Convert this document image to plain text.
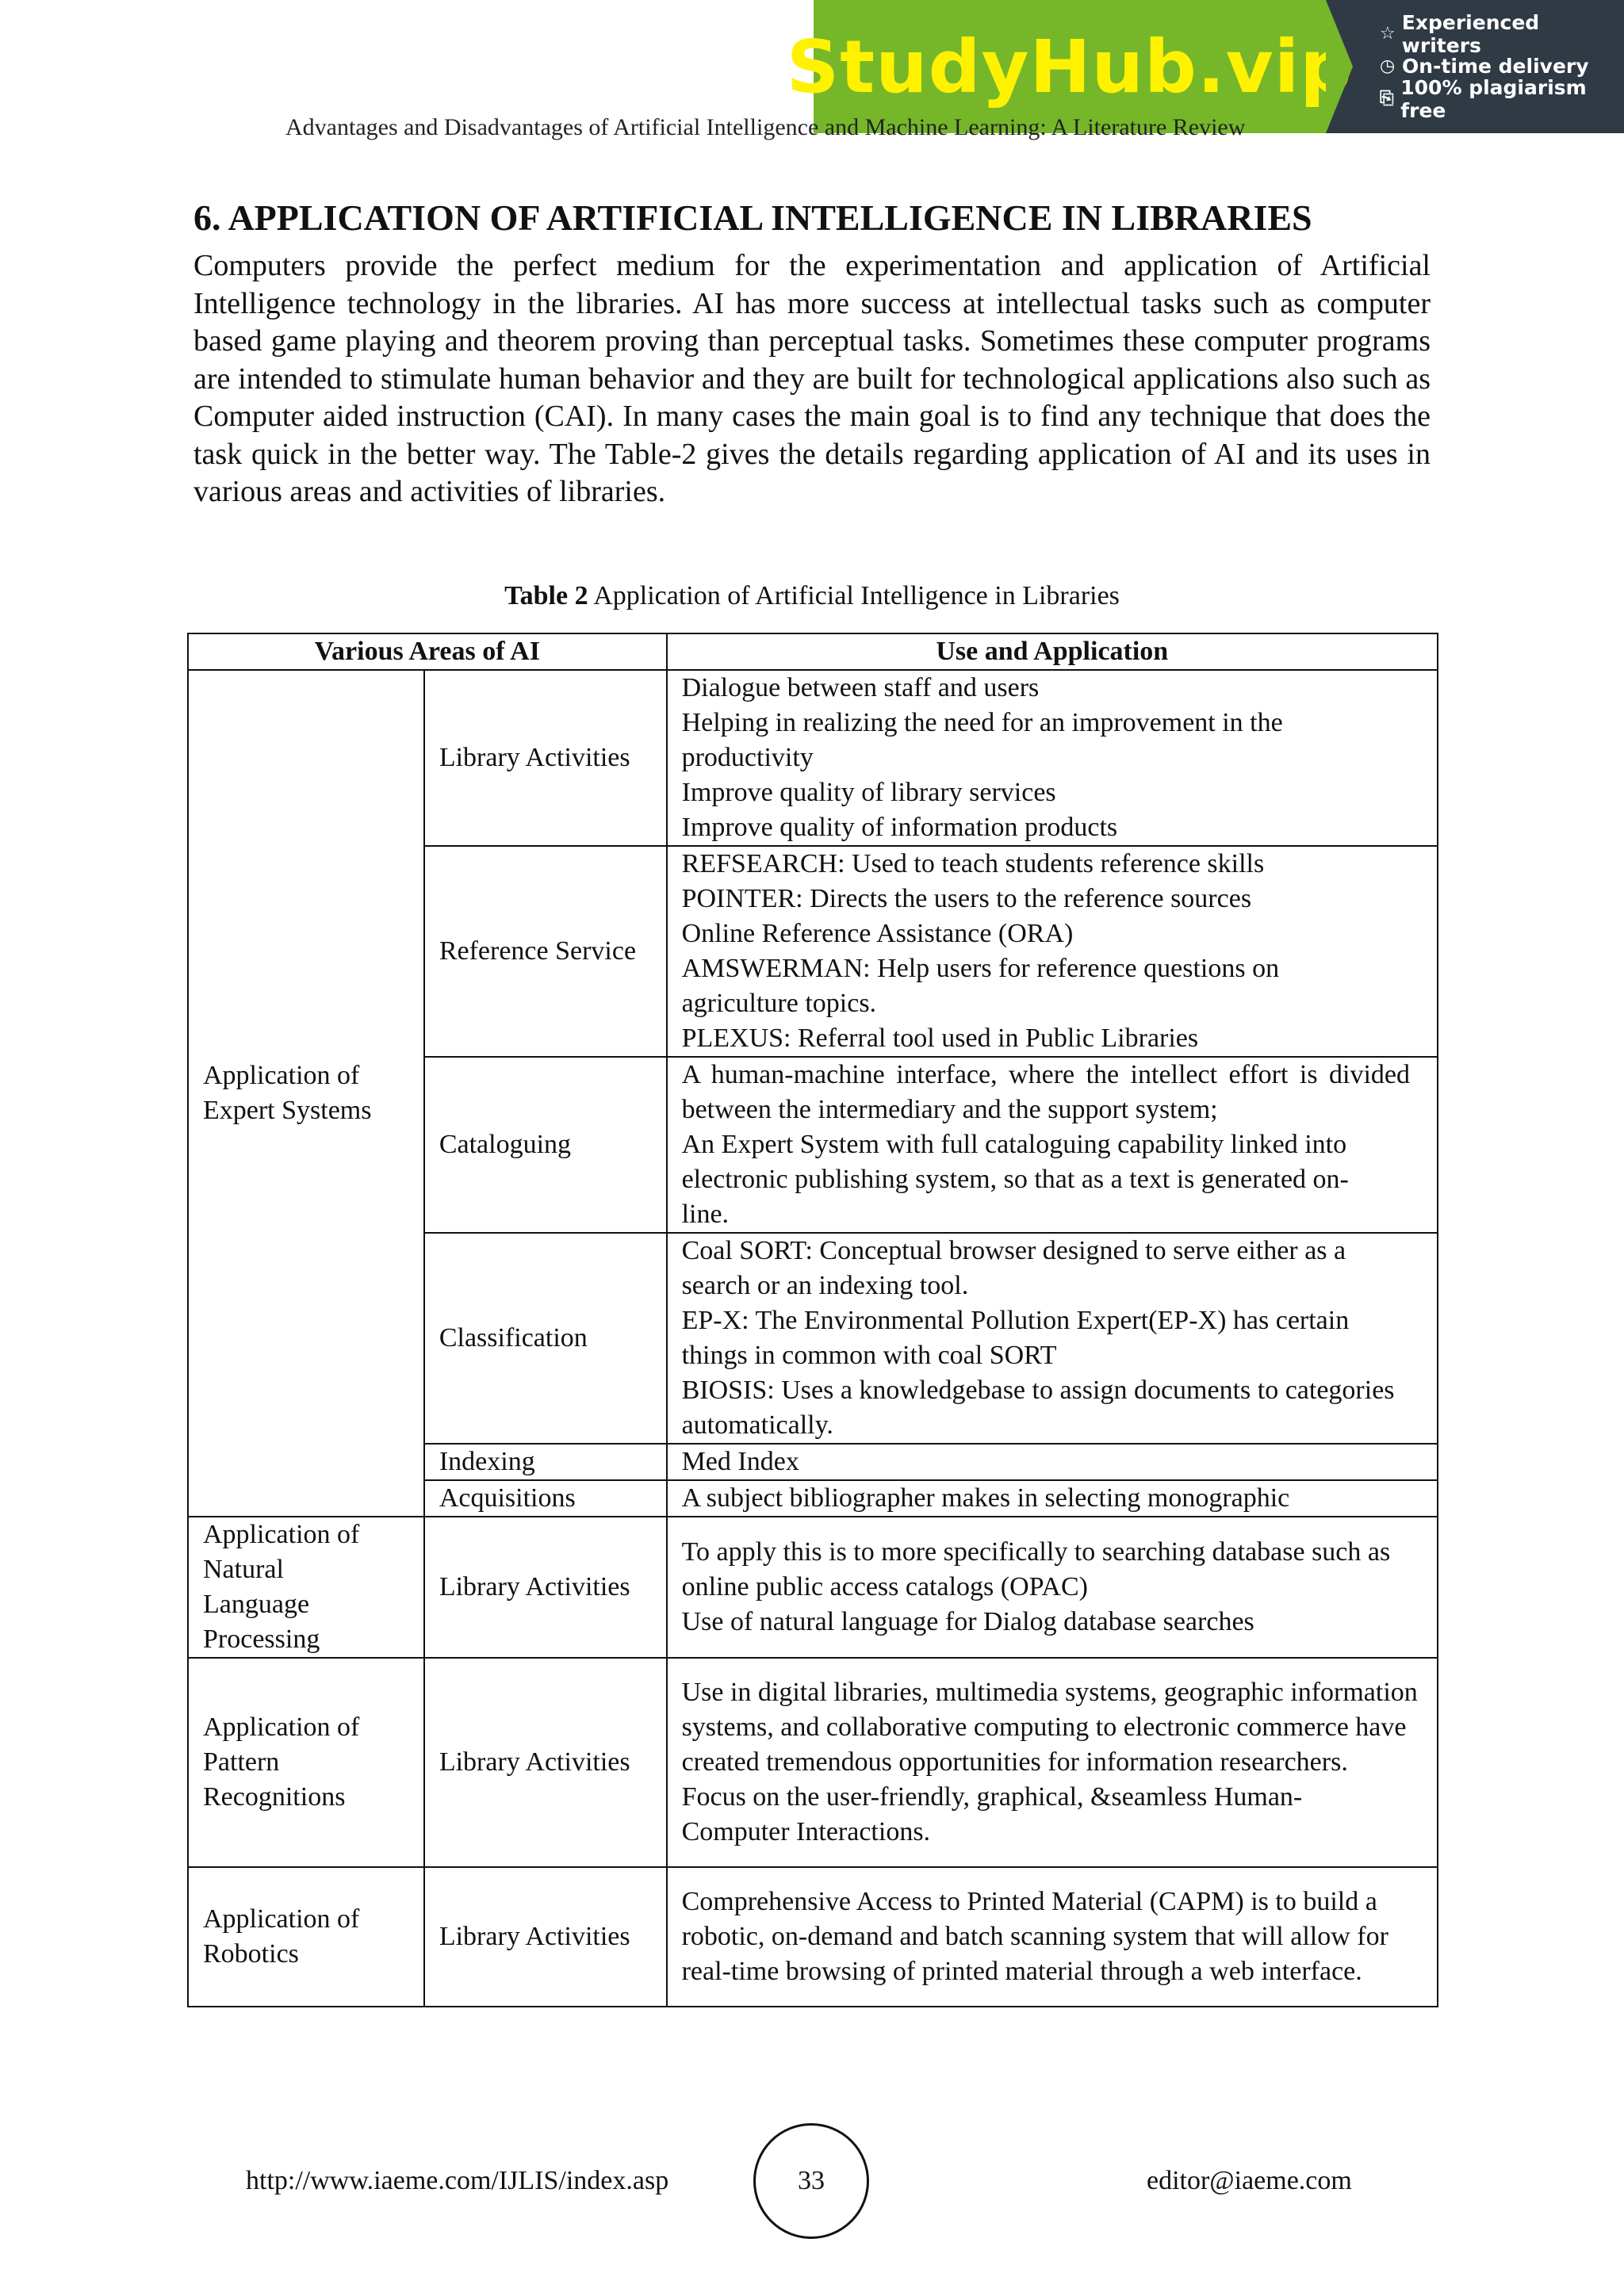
StudyHub.vip ☆ Experienced writers
◷ On-time delivery
⎘ 100% plagiarism free
Advantages and Disadvantages of Artificial Intelligence and Machine Learning: A Literature Review
6. APPLICATION OF ARTIFICIAL INTELLIGENCE IN LIBRARIES

Computers provide the perfect medium for the experimentation and application of Artificial Intelligence technology in the libraries. AI has more success at intellectual tasks such as computer based game playing and theorem proving than perceptual tasks. Sometimes these computer programs are intended to stimulate human behavior and they are built for technological applications also such as Computer aided instruction (CAI). In many cases the main goal is to find any technique that does the task quick in the better way. The Table-2 gives the details regarding application of AI and its uses in various areas and activities of libraries.

Table 2 Application of Artificial Intelligence in Libraries
Various Areas of AI		Use and Application
Application of Expert Systems	Library Activities	Dialogue between staff and users
Helping in realizing the need for an improvement in the productivity
Improve quality of library services
Improve quality of information products

	Reference Service	REFSEARCH: Used to teach students reference skills
POINTER: Directs the users to the reference sources
Online Reference Assistance (ORA)
AMSWERMAN: Help users for reference questions on agriculture topics.
PLEXUS: Referral tool used in Public Libraries

	Cataloguing	A human-machine interface, where the intellect effort is divided between the intermediary and the support system;
An Expert System with full cataloguing capability linked into electronic publishing system, so that as a text is generated on-line.

	Classification	Coal SORT: Conceptual browser designed to serve either as a search or an indexing tool.
EP-X: The Environmental Pollution Expert(EP-X) has certain things in common with coal SORT
BIOSIS: Uses a knowledgebase to assign documents to categories automatically.

	Indexing	Med Index

	Acquisitions	A subject bibliographer makes in selecting monographic

Application of Natural Language Processing	Library Activities	To apply this is to more specifically to searching database such as online public access catalogs (OPAC)
Use of natural language for Dialog database searches

Application of Pattern Recognitions	Library Activities	Use in digital libraries, multimedia systems, geographic information systems, and collaborative computing to electronic commerce have created tremendous opportunities for information researchers.
Focus on the user-friendly, graphical, &seamless Human-Computer Interactions.

Application of Robotics	Library Activities	Comprehensive Access to Printed Material (CAPM) is to build a robotic, on-demand and batch scanning system that will allow for real-time browsing of printed material through a web interface.
http://www.iaeme.com/IJLIS/index.asp	33	editor@iaeme.com
